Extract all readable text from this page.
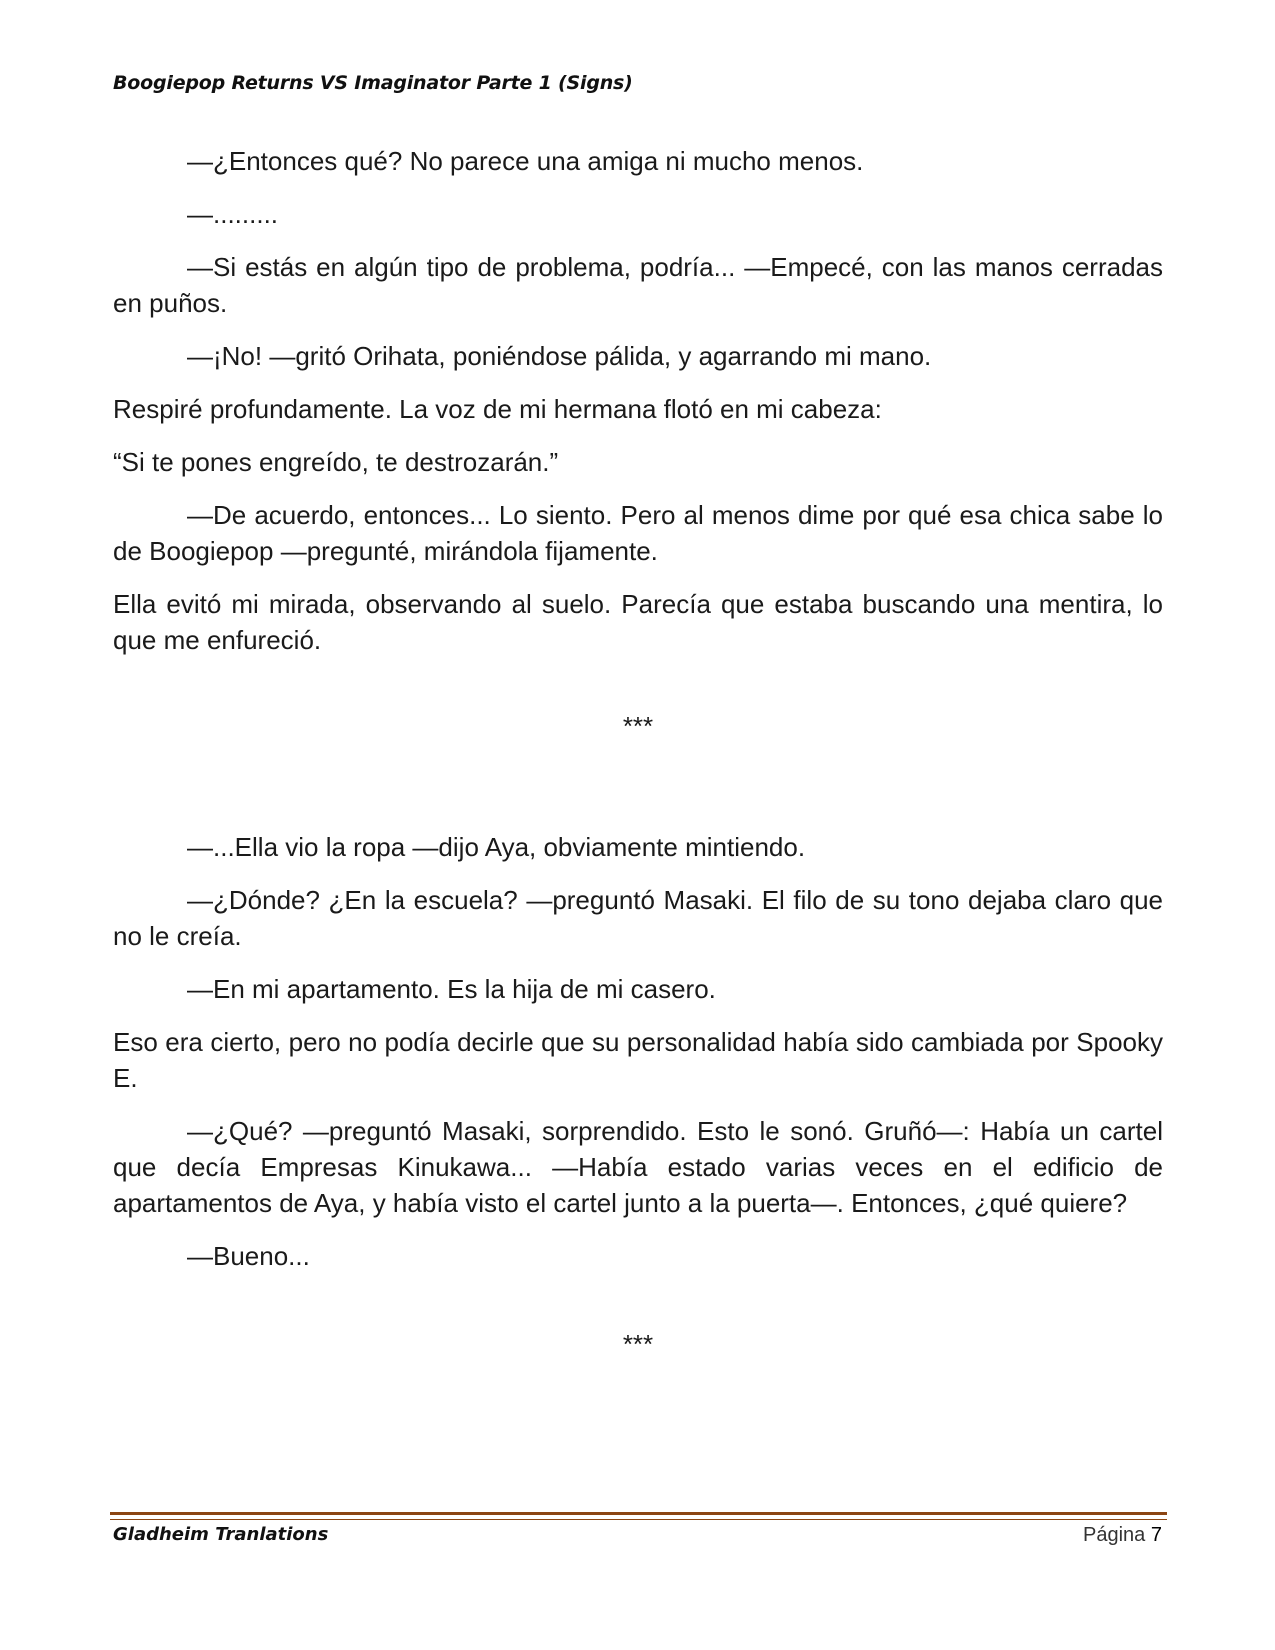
Boogiepop Returns VS Imaginator Parte 1 (Signs)

—¿Entonces qué? No parece una amiga ni mucho menos.

—.........

—Si estás en algún tipo de problema, podría... —Empecé, con las manos cerradas en puños.

—¡No! —gritó Orihata, poniéndose pálida, y agarrando mi mano.

Respiré profundamente. La voz de mi hermana flotó en mi cabeza:

“Si te pones engreído, te destrozarán.”

—De acuerdo, entonces... Lo siento. Pero al menos dime por qué esa chica sabe lo de Boogiepop —pregunté, mirándola fijamente.

Ella evitó mi mirada, observando al suelo. Parecía que estaba buscando una mentira, lo que me enfureció.

***

—...Ella vio la ropa —dijo Aya, obviamente mintiendo.

—¿Dónde? ¿En la escuela? —preguntó Masaki. El filo de su tono dejaba claro que no le creía.

—En mi apartamento. Es la hija de mi casero.

Eso era cierto, pero no podía decirle que su personalidad había sido cambiada por Spooky E.

—¿Qué? —preguntó Masaki, sorprendido. Esto le sonó. Gruñó—: Había un cartel que decía Empresas Kinukawa... —Había estado varias veces en el edificio de apartamentos de Aya, y había visto el cartel junto a la puerta—. Entonces, ¿qué quiere?

—Bueno...

***

Gladheim Tranlations	Página 7
